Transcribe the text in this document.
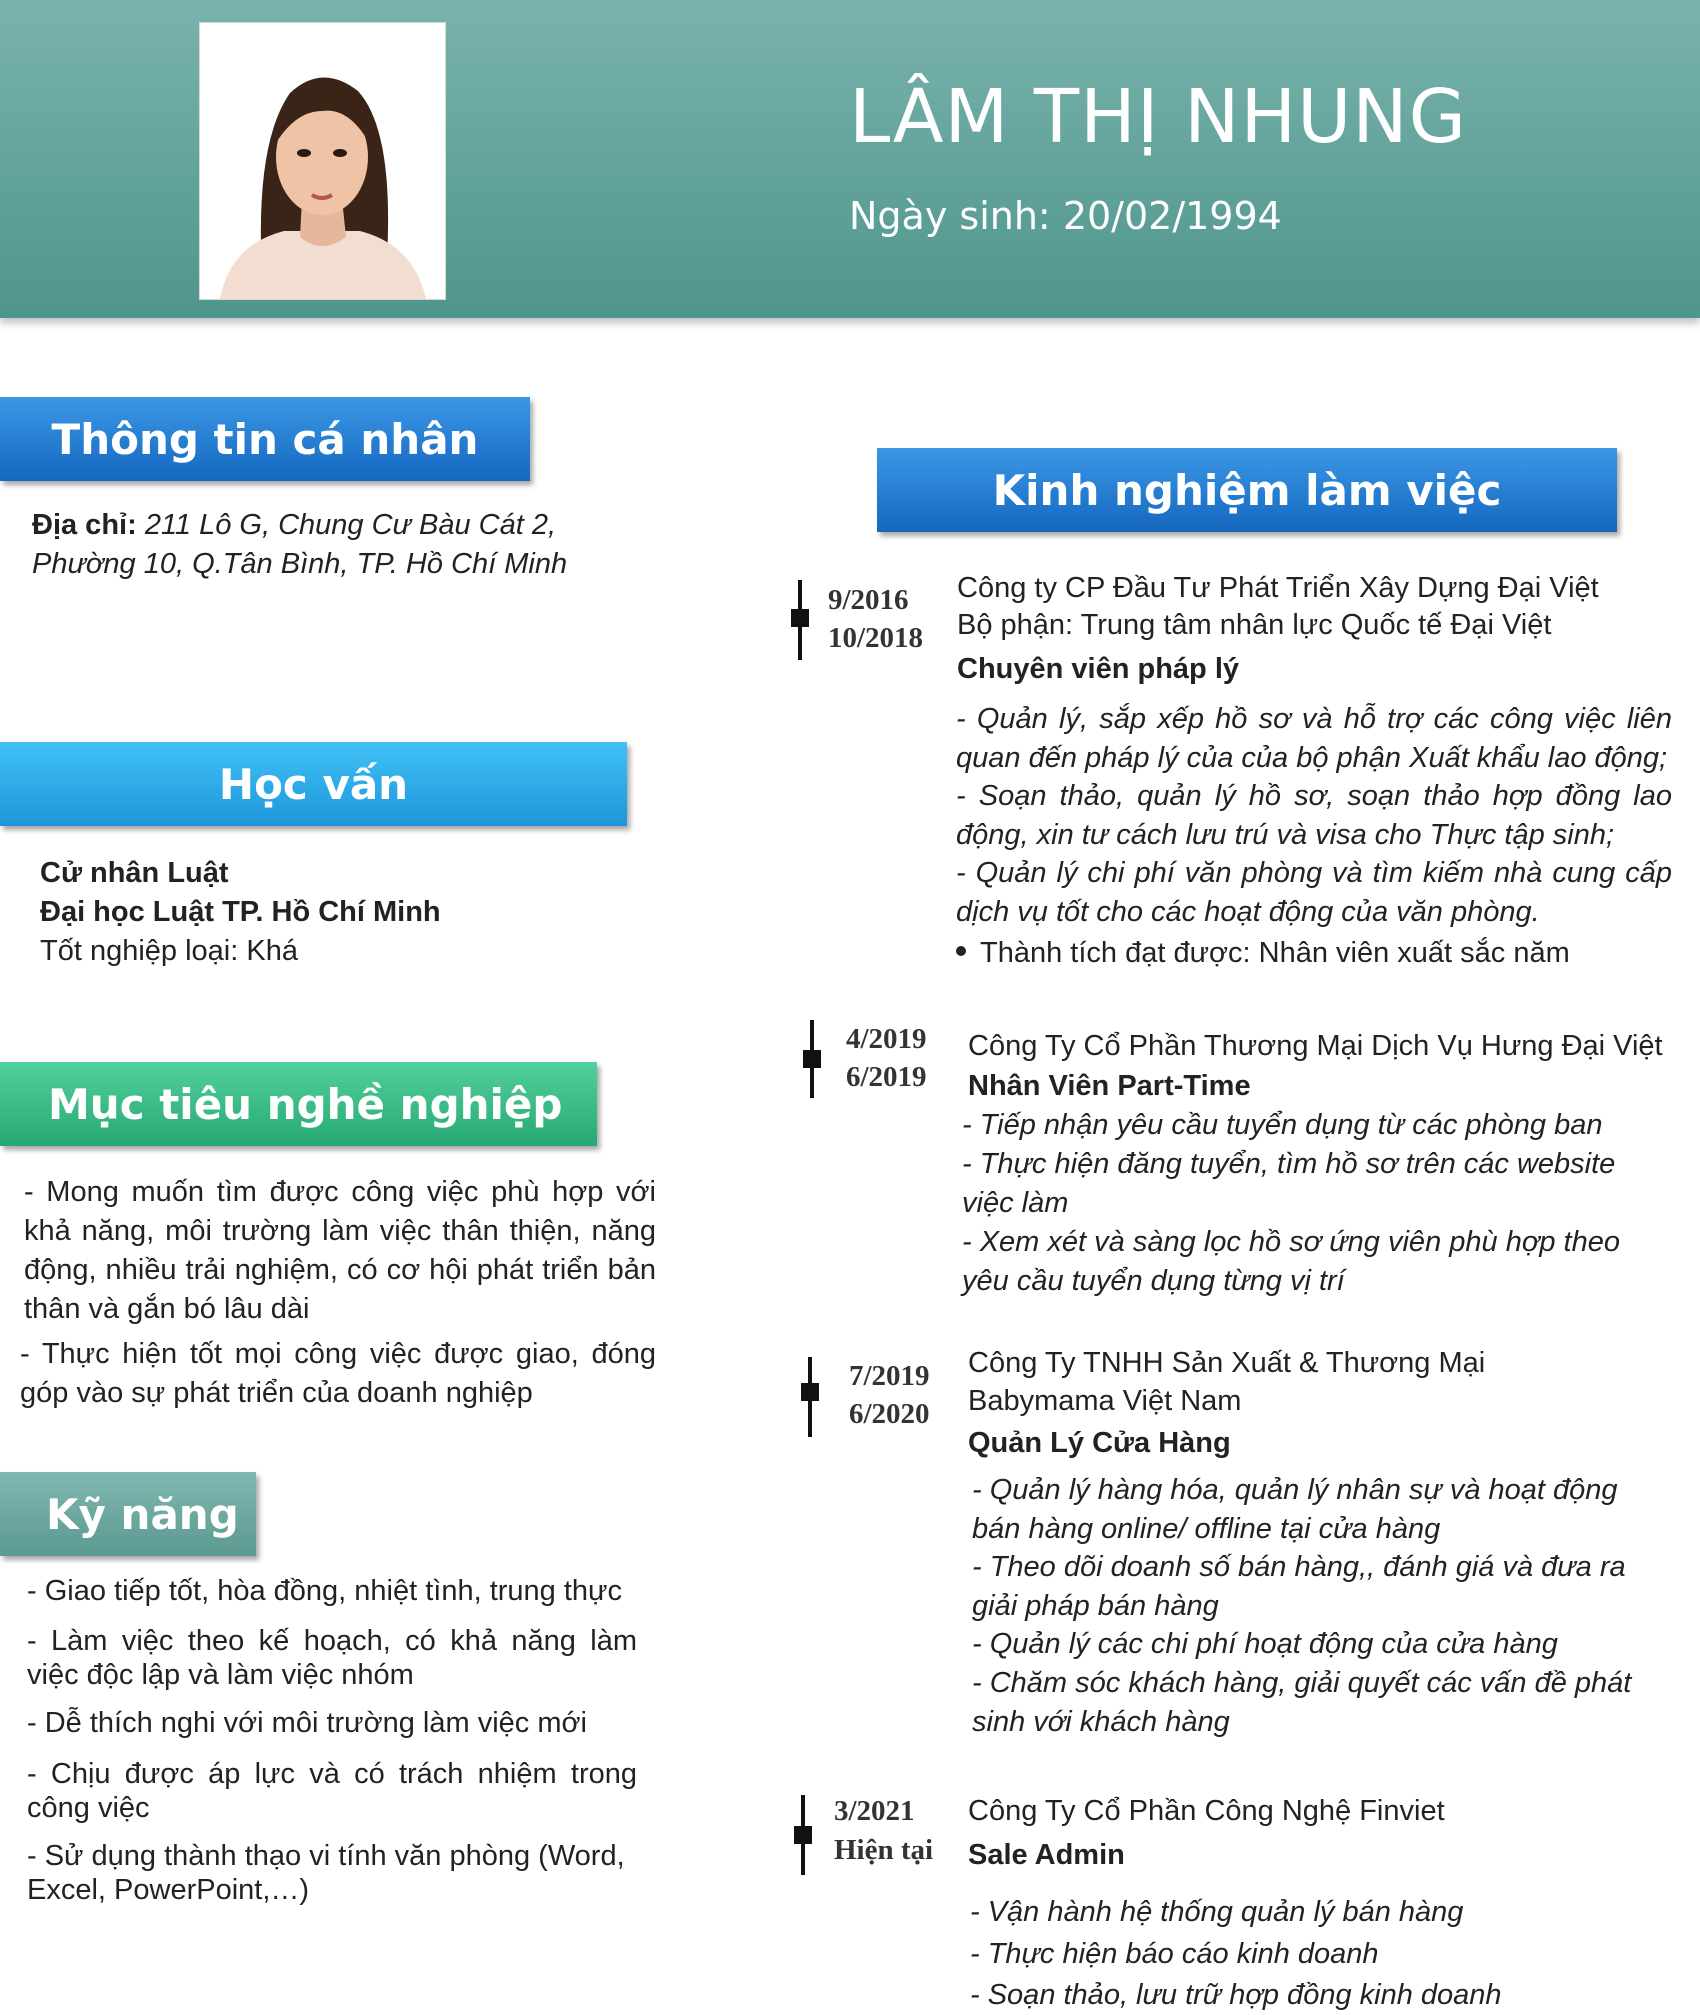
LÂM THỊ NHUNG
Ngày sinh: 20/02/1994
Thông tin cá nhân
Địa chỉ: 211 Lô G, Chung Cư Bàu Cát 2,
Phường 10, Q.Tân Bình, TP. Hồ Chí Minh
Học vấn
Cử nhân Luật
Đại học Luật TP. Hồ Chí Minh
Tốt nghiệp loại: Khá
Mục tiêu nghề nghiệp
- Mong muốn tìm được công việc phù hợp với khả năng, môi trường làm việc thân thiện, năng động, nhiều trải nghiệm, có cơ hội phát triển bản thân và gắn bó lâu dài
- Thực hiện tốt mọi công việc được giao, đóng góp vào sự phát triển của doanh nghiệp
Kỹ năng
- Giao tiếp tốt, hòa đồng, nhiệt tình, trung thực
- Làm việc theo kế hoạch, có khả năng làm việc độc lập và làm việc nhóm
- Dễ thích nghi với môi trường làm việc mới
- Chịu được áp lực và có trách nhiệm trong công việc
- Sử dụng thành thạo vi tính văn phòng (Word, Excel, PowerPoint,…)
Kinh nghiệm làm việc
9/2016
10/2018
Công ty CP Đầu Tư Phát Triển Xây Dựng Đại Việt
Bộ phận: Trung tâm nhân lực Quốc tế Đại Việt
Chuyên viên pháp lý
- Quản lý, sắp xếp hồ sơ và hỗ trợ các công việc liên quan đến pháp lý của của bộ phận Xuất khẩu lao động;
- Soạn thảo, quản lý hồ sơ, soạn thảo hợp đồng lao động, xin tư cách lưu trú và visa cho Thực tập sinh;
- Quản lý chi phí văn phòng và tìm kiếm nhà cung cấp dịch vụ tốt cho các hoạt động của văn phòng.
Thành tích đạt được: Nhân viên xuất sắc năm
4/2019
6/2019
Công Ty Cổ Phần Thương Mại Dịch Vụ Hưng Đại Việt
Nhân Viên Part-Time
- Tiếp nhận yêu cầu tuyển dụng từ các phòng ban
- Thực hiện đăng tuyển, tìm hồ sơ trên các website việc làm
- Xem xét và sàng lọc hồ sơ ứng viên phù hợp theo yêu cầu tuyển dụng từng vị trí
7/2019
6/2020
Công Ty TNHH Sản Xuất & Thương Mại Babymama Việt Nam
Quản Lý Cửa Hàng
- Quản lý hàng hóa, quản lý nhân sự và hoạt động bán hàng online/ offline tại cửa hàng
- Theo dõi doanh số bán hàng,, đánh giá và đưa ra giải pháp bán hàng
- Quản lý các chi phí hoạt động của cửa hàng
- Chăm sóc khách hàng, giải quyết các vấn đề phát sinh với khách hàng
3/2021
Hiện tại
Công Ty Cổ Phần Công Nghệ Finviet
Sale Admin
- Vận hành hệ thống quản lý bán hàng
- Thực hiện báo cáo kinh doanh
- Soạn thảo, lưu trữ hợp đồng kinh doanh
